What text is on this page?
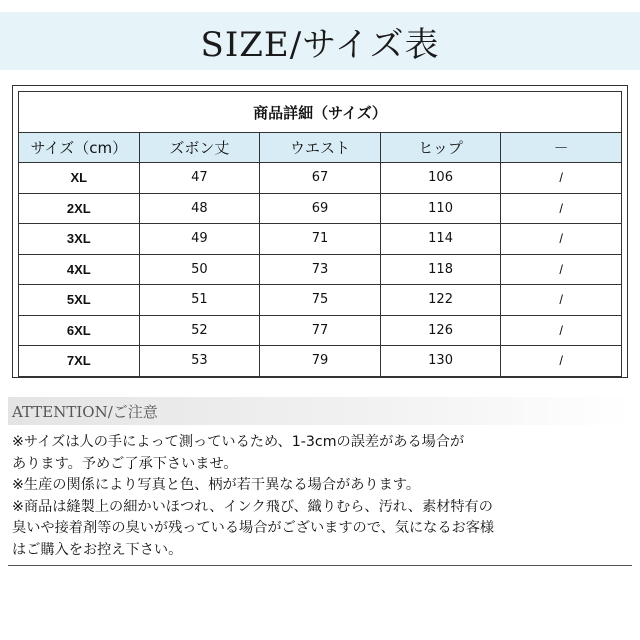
SIZE/サイズ表
商品詳細（サイズ）				
サイズ（cm）	ズボン丈	ウエスト	ヒップ	－
XL	47	67	106	/
2XL	48	69	110	/
3XL	49	71	114	/
4XL	50	73	118	/
5XL	51	75	122	/
6XL	52	77	126	/
7XL	53	79	130	/
ATTENTION/ご注意
※サイズは人の手によって測っているため、1-3cmの誤差がある場合が
あります。予めご了承下さいませ。
※生産の関係により写真と色、柄が若干異なる場合があります。
※商品は縫製上の細かいほつれ、インク飛び、織りむら、汚れ、素材特有の
臭いや接着剤等の臭いが残っている場合がございますので、気になるお客様
はご購入をお控え下さい。
